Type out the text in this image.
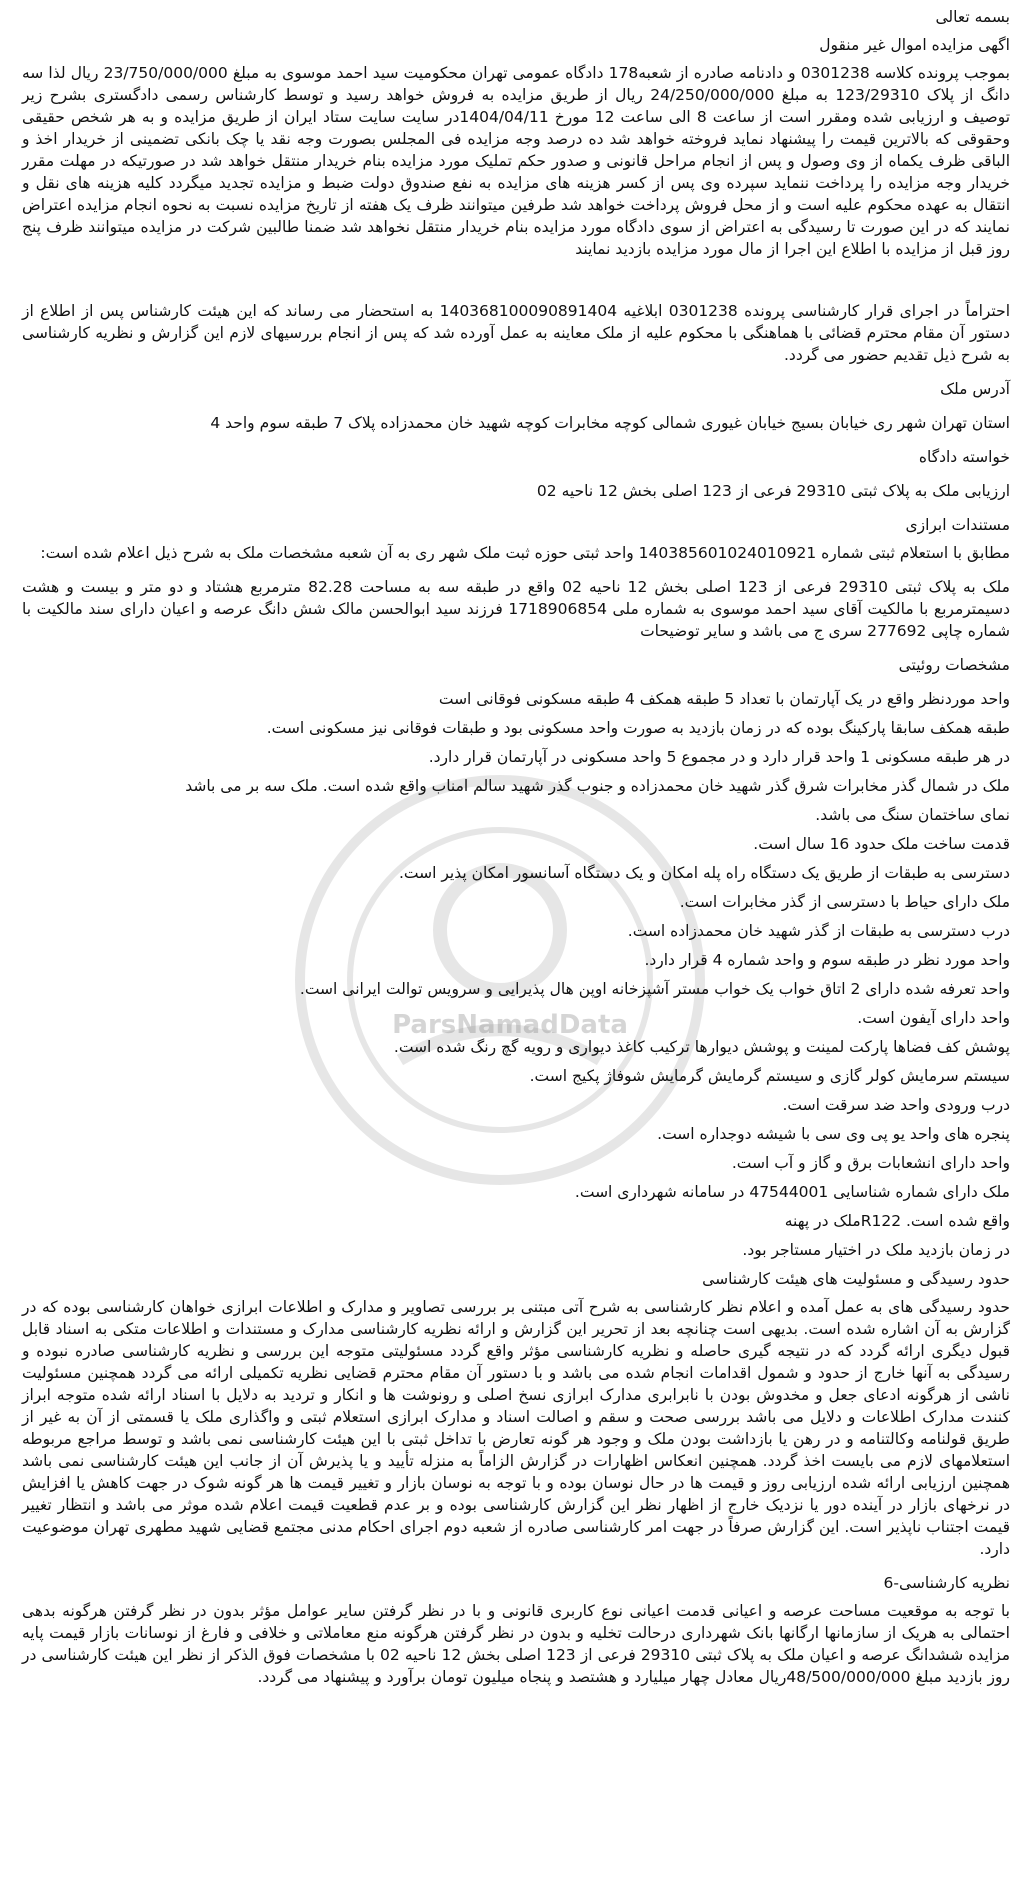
ParsNamadData

بسمه تعالی

اگهی مزایده اموال غیر منقول

بموجب پرونده کلاسه 0301238 و دادنامه صادره از شعبه178 دادگاه عمومی تهران محکومیت سید احمد موسوی به مبلغ 23/750/000/000 ریال لذا سه دانگ از پلاک 123/29310 به مبلغ 24/250/000/000 ریال از طریق مزایده به فروش خواهد رسید و توسط کارشناس رسمی دادگستری بشرح زیر توصیف و ارزیابی شده ومقرر است از ساعت 8 الی ساعت 12 مورخ 1404/04/11در سایت سایت ستاد ایران از طریق مزایده و به هر شخص حقیقی وحقوقی که بالاترین قیمت را پیشنهاد نماید فروخته خواهد شد ده درصد وجه مزایده فی المجلس بصورت وجه نقد یا چک بانکی تضمینی از خریدار اخذ و الباقی ظرف یکماه از وی وصول و پس از انجام مراحل قانونی و صدور حکم تملیک مورد مزایده بنام خریدار منتقل خواهد شد در صورتیکه در مهلت مقرر خریدار وجه مزایده را پرداخت ننماید سپرده وی پس از کسر هزینه های مزایده به نفع صندوق دولت ضبط و مزایده تجدید میگردد کلیه هزینه های نقل و انتقال به عهده محکوم علیه است و از محل فروش پرداخت خواهد شد طرفین میتوانند ظرف یک هفته از تاریخ مزایده نسبت به نحوه انجام مزایده اعتراض نمایند که در این صورت تا رسیدگی به اعتراض از سوی دادگاه مورد مزایده بنام خریدار منتقل نخواهد شد ضمنا طالبین شرکت در مزایده میتوانند ظرف پنج روز قبل از مزایده با اطلاع این اجرا از مال مورد مزایده بازدید نمایند

احتراماً در اجرای قرار کارشناسی پرونده 0301238 ابلاغیه 140368100090891404 به استحضار می رساند که این هیئت کارشناس پس از اطلاع از دستور آن مقام محترم قضائی با هماهنگی با محکوم علیه از ملک معاینه به عمل آورده شد که پس از انجام بررسیهای لازم این گزارش و نظریه کارشناسی به شرح ذیل تقدیم حضور می گردد.

آدرس ملک

استان تهران شهر ری خیابان بسیج خیابان غیوری شمالی کوچه مخابرات کوچه شهید خان محمدزاده پلاک 7 طبقه سوم واحد 4

خواسته دادگاه

ارزیابی ملک به پلاک ثبتی 29310 فرعی از 123 اصلی بخش 12 ناحیه 02

مستندات ابرازی

مطابق با استعلام ثبتی شماره 140385601024010921 واحد ثبتی حوزه ثبت ملک شهر ری به آن شعبه مشخصات ملک به شرح ذیل اعلام شده است:

ملک به پلاک ثبتی 29310 فرعی از 123 اصلی بخش 12 ناحیه 02 واقع در طبقه سه به مساحت 82.28 مترمربع هشتاد و دو متر و بیست و هشت دسیمترمربع با مالکیت آقای سید احمد موسوی به شماره ملی 1718906854 فرزند سید ابوالحسن مالک شش دانگ عرصه و اعیان دارای سند مالکیت با شماره چاپی 277692 سری ج می باشد و سایر توضیحات

مشخصات روئیتی

واحد موردنظر واقع در یک آپارتمان با تعداد 5 طبقه همکف 4 طبقه مسکونی فوقانی است

طبقه همکف سابقا پارکینگ بوده که در زمان بازدید به صورت واحد مسکونی بود و طبقات فوقانی نیز مسکونی است.

در هر طبقه مسکونی 1 واحد قرار دارد و در مجموع 5 واحد مسکونی در آپارتمان قرار دارد.

ملک در شمال گذر مخابرات شرق گذر شهید خان محمدزاده و جنوب گذر شهید سالم امناب واقع شده است. ملک سه بر می باشد

نمای ساختمان سنگ می باشد.

قدمت ساخت ملک حدود 16 سال است.

دسترسی به طبقات از طریق یک دستگاه راه پله امکان و یک دستگاه آسانسور امکان پذیر است.

ملک دارای حیاط با دسترسی از گذر مخابرات است.

درب دسترسی به طبقات از گذر شهید خان محمدزاده است.

واحد مورد نظر در طبقه سوم و واحد شماره 4 قرار دارد.

واحد تعرفه شده دارای 2 اتاق خواب یک خواب مستر آشپزخانه اوپن هال پذیرایی و سرویس توالت ایرانی است.

واحد دارای آیفون است.

پوشش کف فضاها پارکت لمینت و پوشش دیوارها ترکیب کاغذ دیواری و رویه گچ رنگ شده است.

سیستم سرمایش کولر گازی و سیستم گرمایش گرمایش شوفاژ پکیج است.

درب ورودی واحد ضد سرقت است.

پنجره های واحد یو پی وی سی با شیشه دوجداره است.

واحد دارای انشعابات برق و گاز و آب است.

ملک دارای شماره شناسایی 47544001 در سامانه شهرداری است.

واقع شده است. R122ملک در پهنه

در زمان بازدید ملک در اختیار مستاجر بود.

حدود رسیدگی و مسئولیت های هیئت کارشناسی

حدود رسیدگی های به عمل آمده و اعلام نظر کارشناسی به شرح آتی مبتنی بر بررسی تصاویر و مدارک و اطلاعات ابرازی خواهان کارشناسی بوده که در گزارش به آن اشاره شده است. بدیهی است چنانچه بعد از تحریر این گزارش و ارائه نظریه کارشناسی مدارک و مستندات و اطلاعات متکی به اسناد قابل قبول دیگری ارائه گردد که در نتیجه گیری حاصله و نظریه کارشناسی مؤثر واقع گردد مسئولیتی متوجه این بررسی و نظریه کارشناسی صادره نبوده و رسیدگی به آنها خارج از حدود و شمول اقدامات انجام شده می باشد و با دستور آن مقام محترم قضایی نظریه تکمیلی ارائه می گردد همچنین مسئولیت ناشی از هرگونه ادعای جعل و مخدوش بودن با نابرابری مدارک ابرازی نسخ اصلی و رونوشت ها و انکار و تردید به دلایل با اسناد ارائه شده متوجه ابراز کنندت مدارک اطلاعات و دلایل می باشد بررسی صحت و سقم و اصالت اسناد و مدارک ابرازی استعلام ثبتی و واگذاری ملک یا قسمتی از آن به غیر از طریق قولنامه وکالتنامه و در رهن یا بازداشت بودن ملک و وجود هر گونه تعارض با تداخل ثبتی با این هیئت کارشناسی نمی باشد و توسط مراجع مربوطه استعلامهای لازم می بایست اخذ گردد. همچنین انعکاس اظهارات در گزارش الزاماً به منزله تأیید و یا پذیرش آن از جانب این هیئت کارشناسی نمی باشد همچنین ارزیابی ارائه شده ارزیابی روز و قیمت ها در حال نوسان بوده و با توجه به نوسان بازار و تغییر قیمت ها هر گونه شوک در جهت کاهش یا افزایش در نرخهای بازار در آینده دور یا نزدیک خارج از اظهار نظر این گزارش کارشناسی بوده و بر عدم قطعیت قیمت اعلام شده موثر می باشد و انتظار تغییر قیمت اجتناب ناپذیر است. این گزارش صرفاً در جهت امر کارشناسی صادره از شعبه دوم اجرای احکام مدنی مجتمع قضایی شهید مطهری تهران موضوعیت دارد.

نظریه کارشناسی-6

با توجه به موقعیت مساحت عرصه و اعیانی قدمت اعیانی نوع کاربری قانونی و با در نظر گرفتن سایر عوامل مؤثر بدون در نظر گرفتن هرگونه بدهی احتمالی به هریک از سازمانها ارگانها بانک شهرداری درحالت تخلیه و بدون در نظر گرفتن هرگونه منع معاملاتی و خلافی و فارغ از نوسانات بازار قیمت پایه مزایده ششدانگ عرصه و اعیان ملک به پلاک ثبتی 29310 فرعی از 123 اصلی بخش 12 ناحیه 02 با مشخصات فوق الذکر از نظر این هیئت کارشناسی در روز بازدید مبلغ 48/500/000/000ریال معادل چهار میلیارد و هشتصد و پنجاه میلیون تومان برآورد و پیشنهاد می گردد.
